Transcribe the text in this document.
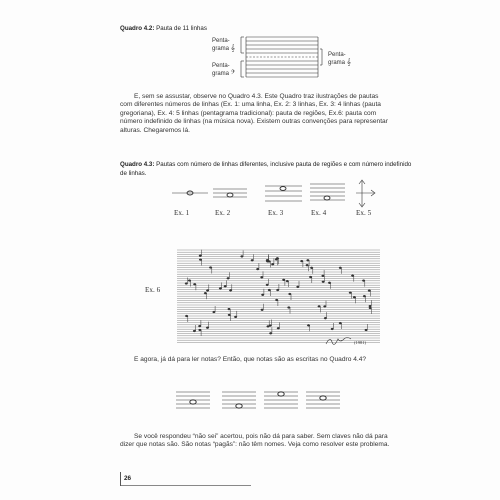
Quadro 4.2: Pauta de 11 linhas
Penta-
grama 𝄞
Penta-
grama 𝄢
Penta-
grama 𝄞
E, sem se assustar, observe no Quadro 4.3. Este Quadro traz ilustrações de pautas
com diferentes números de linhas (Ex. 1: uma linha, Ex. 2: 3 linhas, Ex. 3: 4 linhas (pauta
gregoriana), Ex. 4: 5 linhas (pentagrama tradicional): pauta de regiões, Ex.6: pauta com
número indefinido de linhas (na música nova). Existem outras convenções para representar
alturas. Chegaremos lá.
Quadro 4.3: Pautas com número de linhas diferentes, inclusive pauta de regiões e com número indefinido
de linhas.
Ex. 1	Ex. 2	Ex. 3	Ex. 4	Ex. 5
Ex. 6
(1981)
E agora, já dá para ler notas? Então, que notas são as escritas no Quadro 4.4?
Se você respondeu “não sei” acertou, pois não dá para saber. Sem claves não dá para
dizer que notas são. São notas “pagãs”: não têm nomes. Veja como resolver este problema.
26
